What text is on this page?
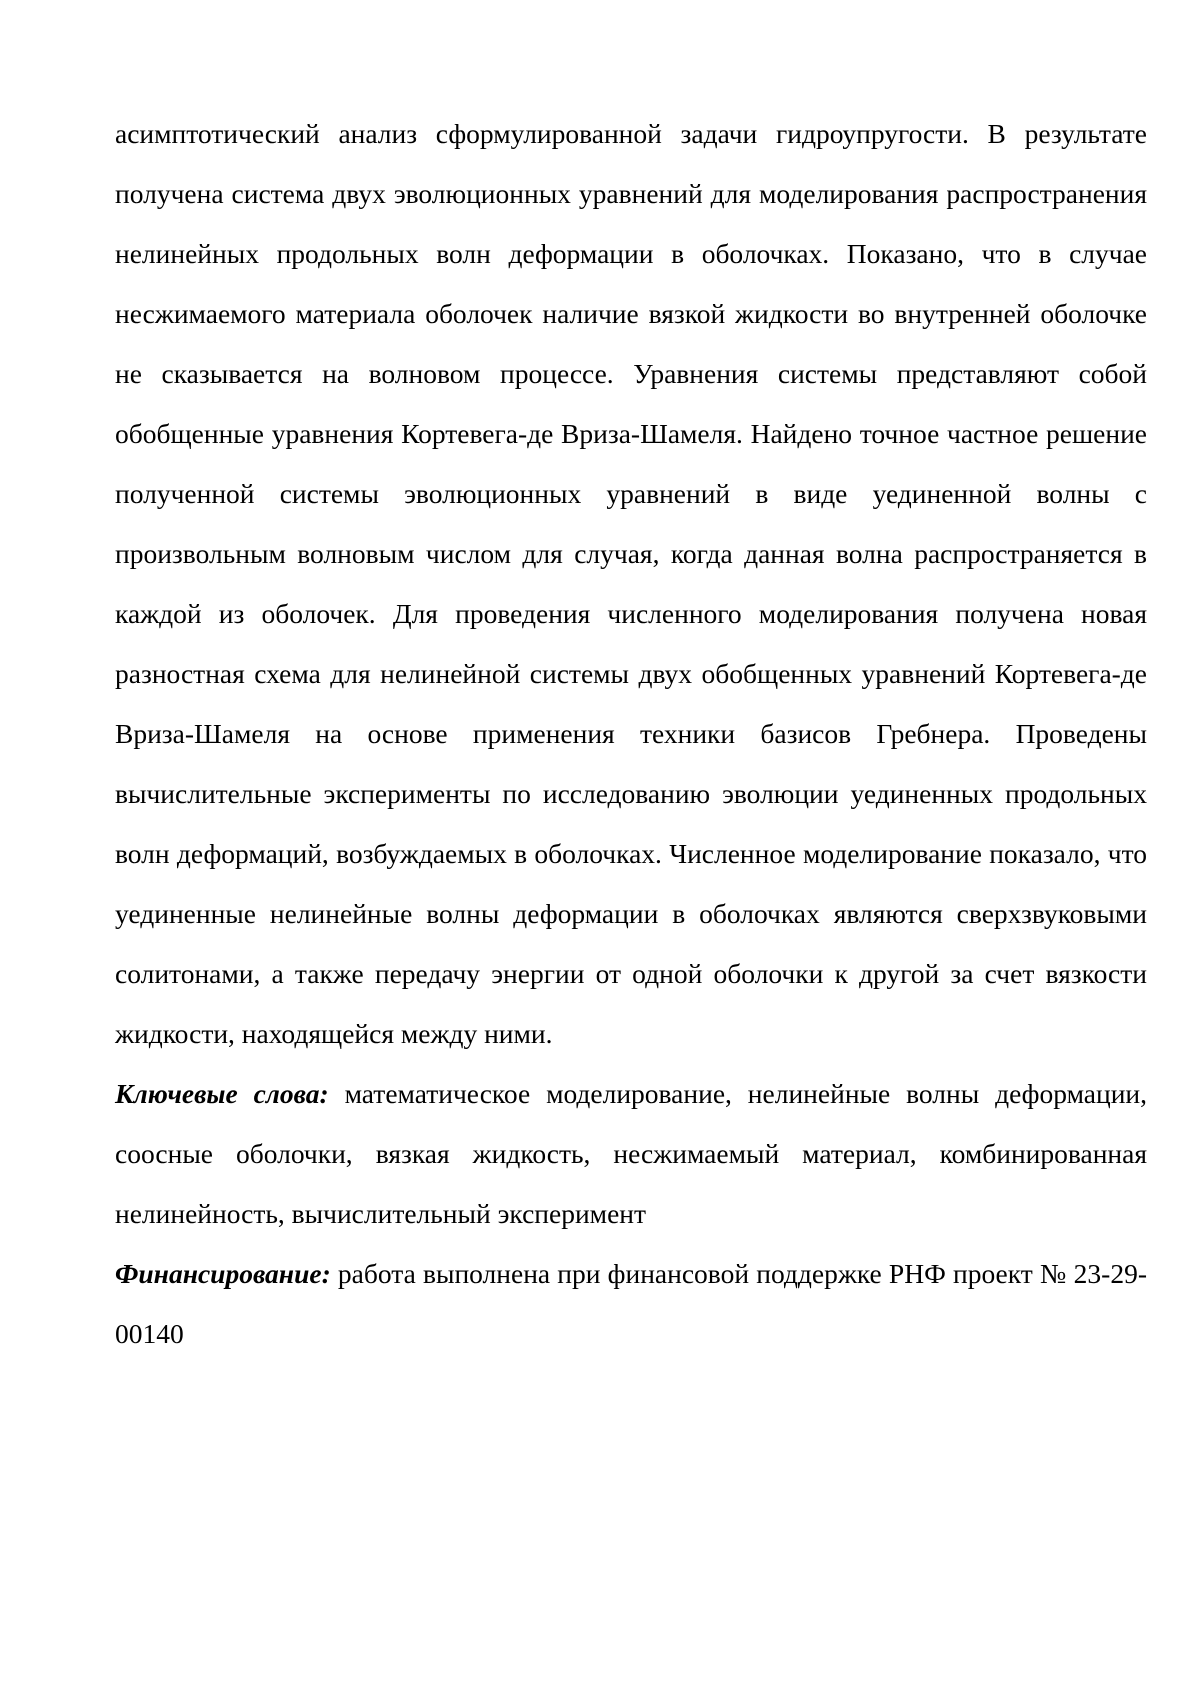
асимптотический анализ сформулированной задачи гидроупругости. В результате получена система двух эволюционных уравнений для моделирования распространения нелинейных продольных волн деформации в оболочках. Показано, что в случае несжимаемого материала оболочек наличие вязкой жидкости во внутренней оболочке не сказывается на волновом процессе. Уравнения системы представляют собой обобщенные уравнения Кортевега-де Вриза-Шамеля. Найдено точное частное решение полученной системы эволюционных уравнений в виде уединенной волны с произвольным волновым числом для случая, когда данная волна распространяется в каждой из оболочек. Для проведения численного моделирования получена новая разностная схема для нелинейной системы двух обобщенных уравнений Кортевега-де Вриза-Шамеля на основе применения техники базисов Гребнера. Проведены вычислительные эксперименты по исследованию эволюции уединенных продольных волн деформаций, возбуждаемых в оболочках. Численное моделирование показало, что уединенные нелинейные волны деформации в оболочках являются сверхзвуковыми солитонами, а также передачу энергии от одной оболочки к другой за счет вязкости жидкости, находящейся между ними.

Ключевые слова: математическое моделирование, нелинейные волны деформации, соосные оболочки, вязкая жидкость, несжимаемый материал, комбинированная нелинейность, вычислительный эксперимент

Финансирование: работа выполнена при финансовой поддержке РНФ проект № 23-29-00140
